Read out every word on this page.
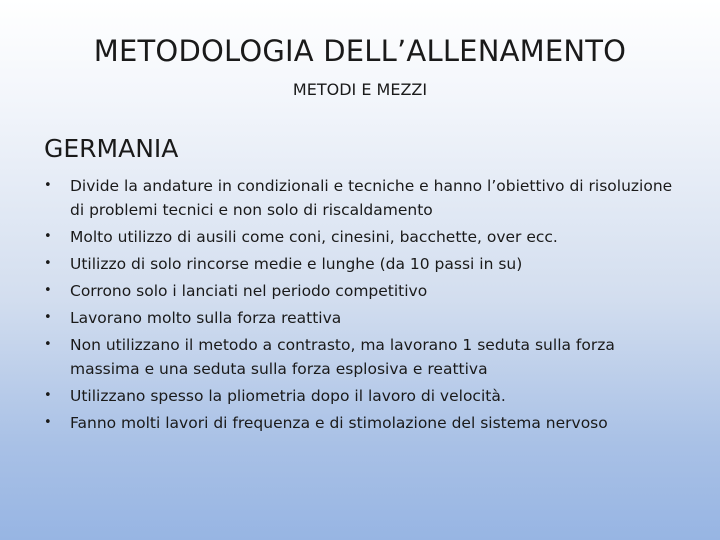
METODOLOGIA DELL’ALLENAMENTO
METODI E MEZZI
GERMANIA
• Divide la andature in condizionali e tecniche e hanno l’obiettivo di risoluzione di problemi tecnici e non solo di riscaldamento
• Molto utilizzo di ausili come coni, cinesini, bacchette, over ecc.
• Utilizzo di solo rincorse medie e lunghe (da 10 passi in su)
• Corrono solo i lanciati nel periodo competitivo
• Lavorano molto sulla forza reattiva
• Non utilizzano il metodo a contrasto, ma lavorano 1 seduta sulla forza massima e una seduta sulla forza esplosiva e reattiva
• Utilizzano spesso la pliometria dopo il lavoro di velocità.
• Fanno molti lavori di frequenza e di stimolazione del sistema nervoso
